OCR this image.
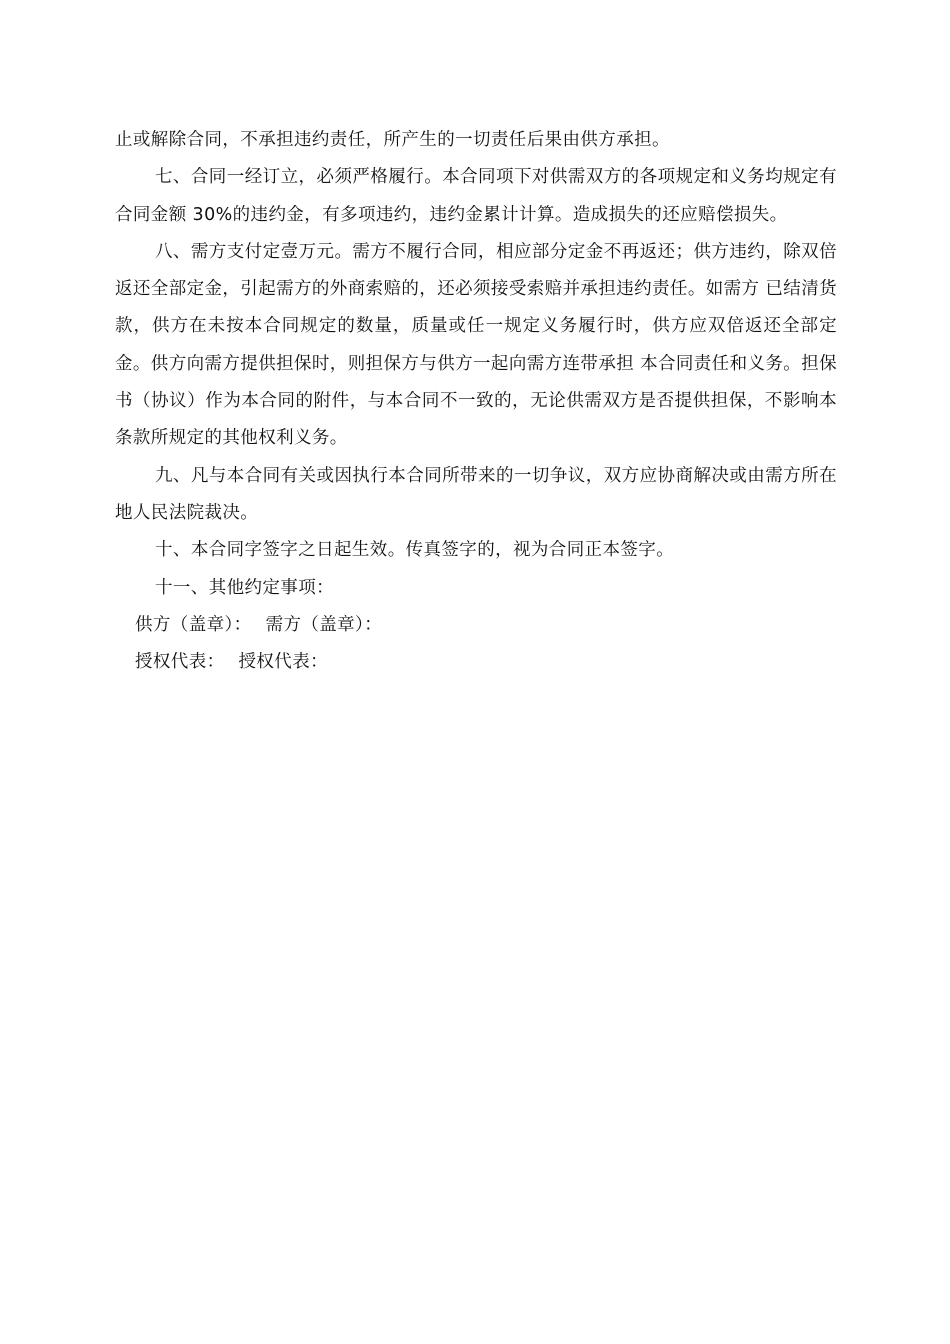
止或解除合同，不承担违约责任，所产生的一切责任后果由供方承担。

七、合同一经订立，必须严格履行。本合同项下对供需双方的各项规定和义务均规定有合同金额 30%的违约金，有多项违约，违约金累计计算。造成损失的还应赔偿损失。

八、需方支付定壹万元。需方不履行合同，相应部分定金不再返还；供方违约，除双倍返还全部定金，引起需方的外商索赔的，还必须接受索赔并承担违约责任。如需方 已结清货款，供方在未按本合同规定的数量，质量或任一规定义务履行时，供方应双倍返还全部定金。供方向需方提供担保时，则担保方与供方一起向需方连带承担 本合同责任和义务。担保书（协议）作为本合同的附件，与本合同不一致的，无论供需双方是否提供担保，不影响本条款所规定的其他权利义务。

九、凡与本合同有关或因执行本合同所带来的一切争议，双方应协商解决或由需方所在地人民法院裁决。

十、本合同字签字之日起生效。传真签字的，视为合同正本签字。

十一、其他约定事项：

供方（盖章）： 需方（盖章）：

授权代表： 授权代表：
